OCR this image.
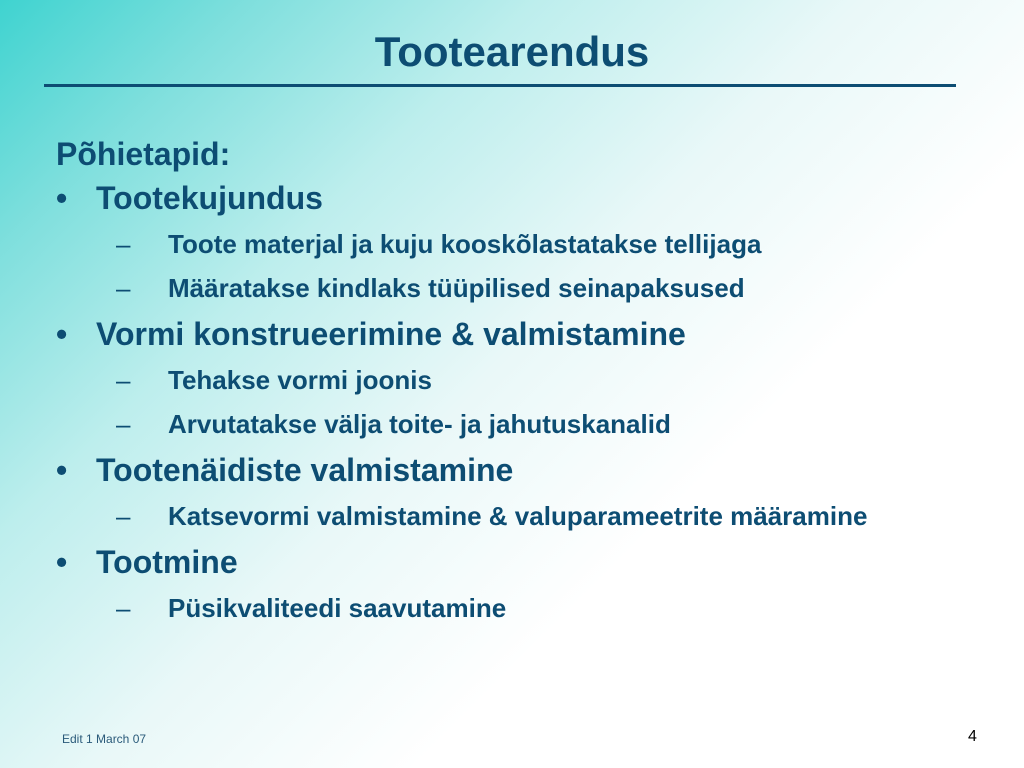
Tootearendus
Põhietapid:
• Tootekujundus
– Toote materjal ja kuju kooskõlastatakse tellijaga
– Määratakse kindlaks tüüpilised seinapaksused
• Vormi konstrueerimine & valmistamine
– Tehakse vormi joonis
– Arvutatakse välja toite- ja jahutuskanalid
• Tootenäidiste valmistamine
– Katsevormi valmistamine & valuparameetrite määramine
• Tootmine
– Püsikvaliteedi saavutamine
Edit 1 March 07	4
